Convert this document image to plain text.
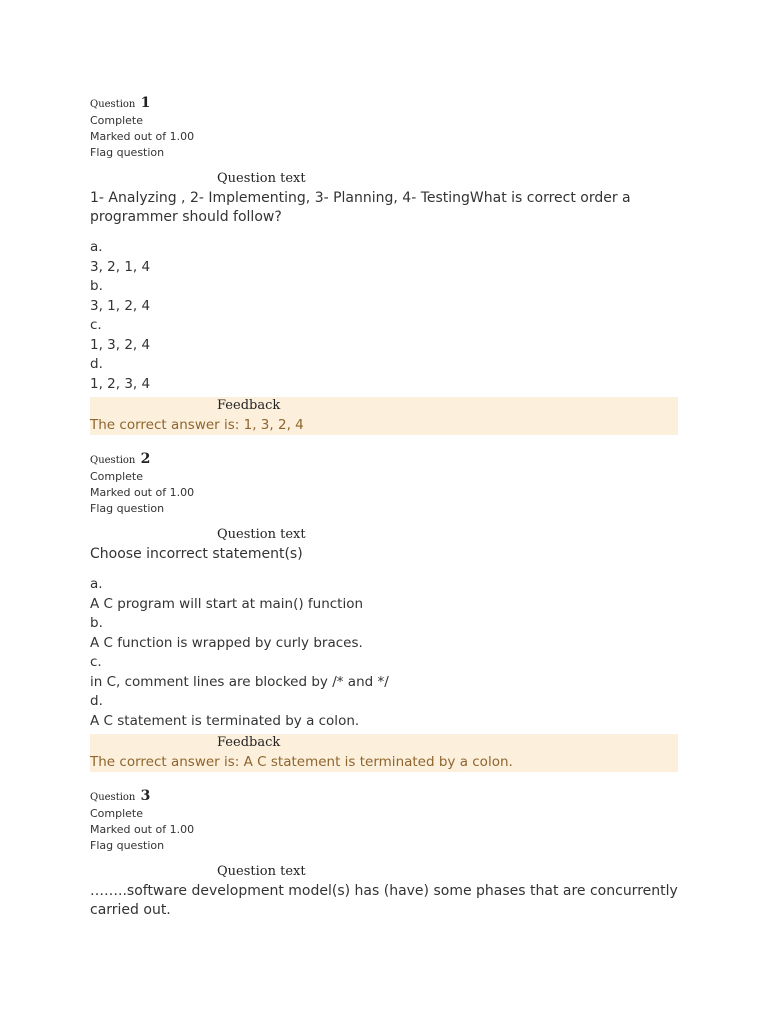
Question 1
Complete
Marked out of 1.00
Flag question
Question text
1- Analyzing , 2- Implementing, 3- Planning, 4- TestingWhat is correct order a programmer should follow?
a.
3, 2, 1, 4
b.
3, 1, 2, 4
c.
1, 3, 2, 4
d.
1, 2, 3, 4
Feedback
The correct answer is: 1, 3, 2, 4
Question 2
Complete
Marked out of 1.00
Flag question
Question text
Choose incorrect statement(s)
a.
A C program will start at main() function
b.
A C function is wrapped by curly braces.
c.
in C, comment lines are blocked by /* and */
d.
A C statement is terminated by a colon.
Feedback
The correct answer is: A C statement is terminated by a colon.
Question 3
Complete
Marked out of 1.00
Flag question
Question text
……..software development model(s) has (have) some phases that are concurrently carried out.
